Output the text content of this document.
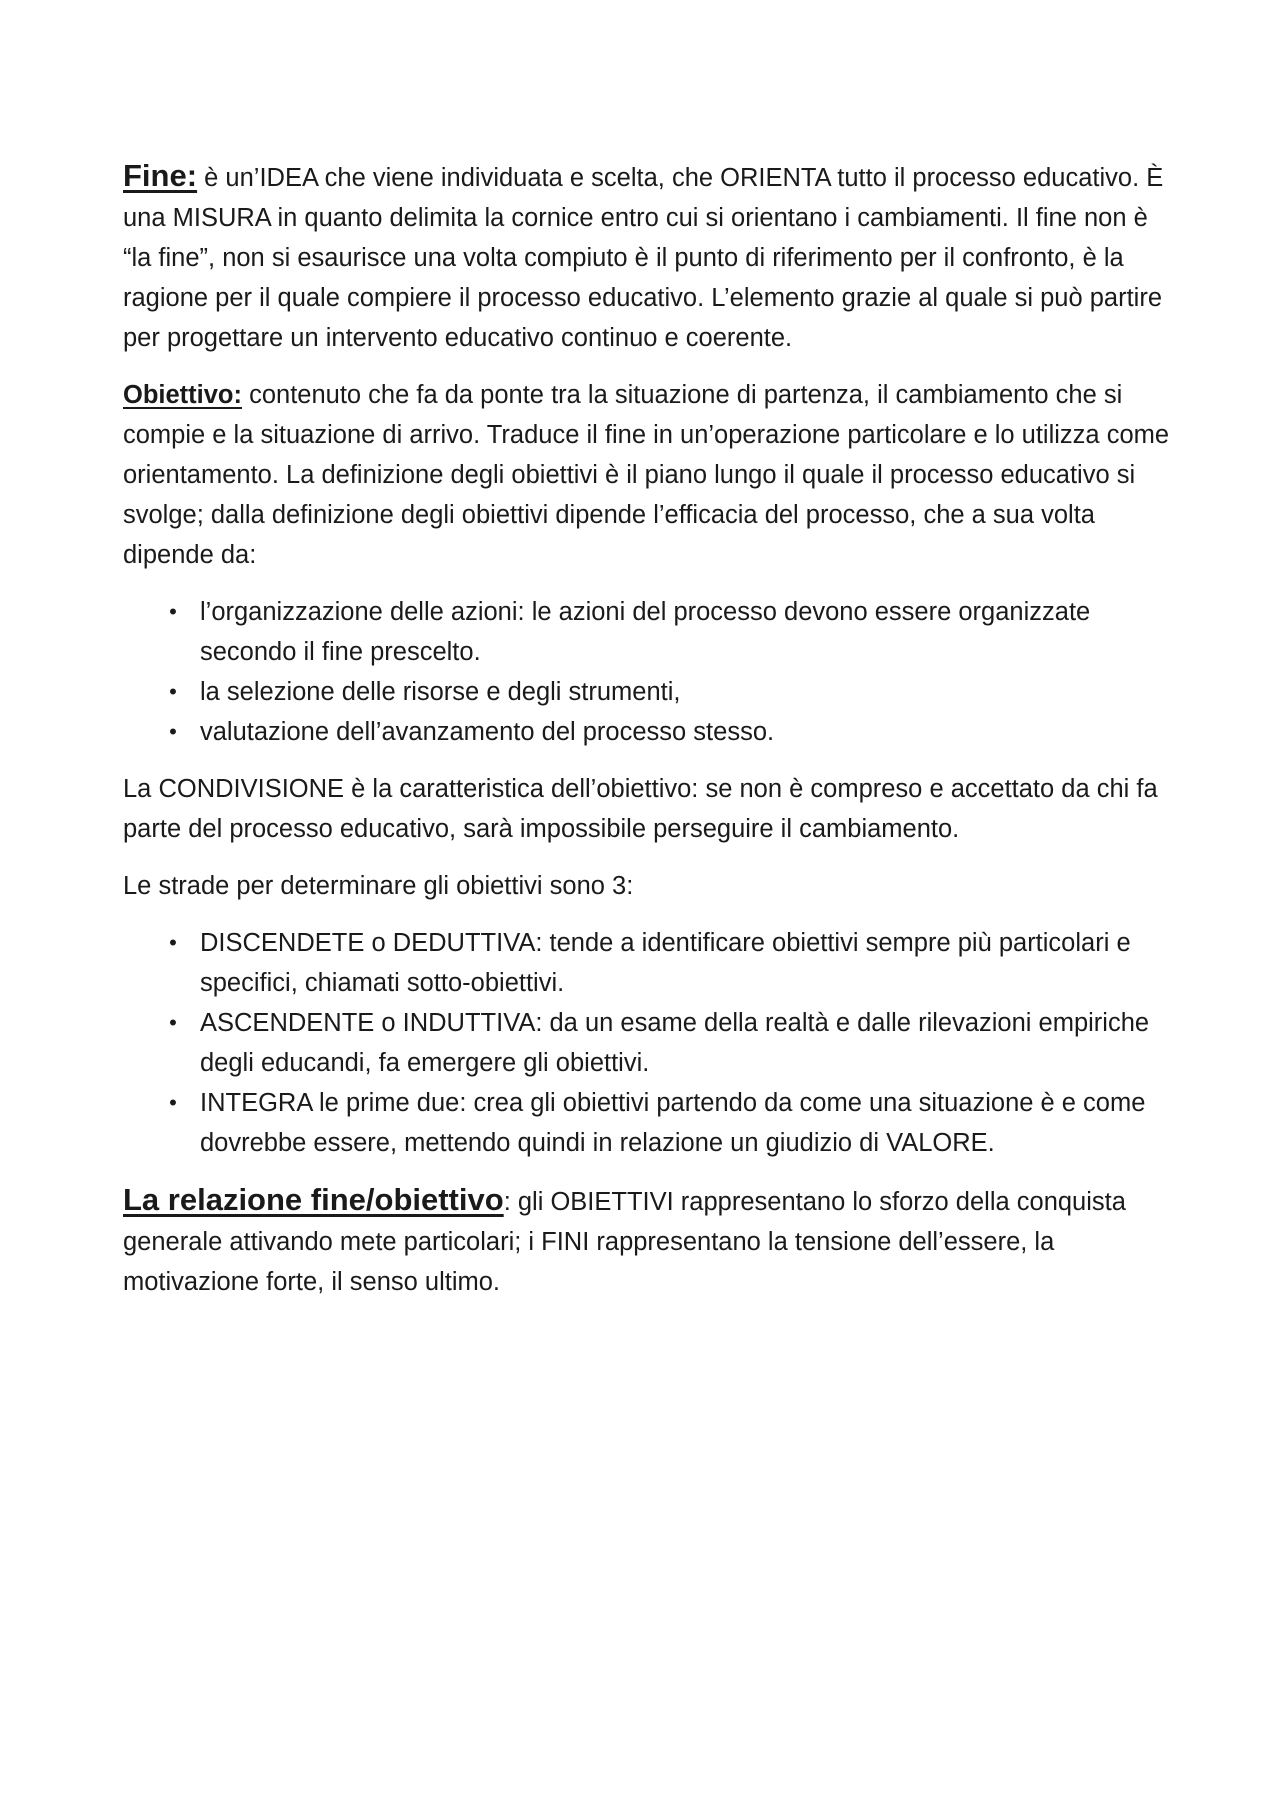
Fine: è un’IDEA che viene individuata e scelta, che ORIENTA tutto il processo educativo. È una MISURA in quanto delimita la cornice entro cui si orientano i cambiamenti. Il fine non è “la fine”, non si esaurisce una volta compiuto è il punto di riferimento per il confronto, è la ragione per il quale compiere il processo educativo. L’elemento grazie al quale si può partire per progettare un intervento educativo continuo e coerente.

Obiettivo: contenuto che fa da ponte tra la situazione di partenza, il cambiamento che si compie e la situazione di arrivo. Traduce il fine in un’operazione particolare e lo utilizza come orientamento. La definizione degli obiettivi è il piano lungo il quale il processo educativo si svolge; dalla definizione degli obiettivi dipende l’efficacia del processo, che a sua volta dipende da:

• l’organizzazione delle azioni: le azioni del processo devono essere organizzate secondo il fine prescelto.
• la selezione delle risorse e degli strumenti,
• valutazione dell’avanzamento del processo stesso.

La CONDIVISIONE è la caratteristica dell’obiettivo: se non è compreso e accettato da chi fa parte del processo educativo, sarà impossibile perseguire il cambiamento.

Le strade per determinare gli obiettivi sono 3:

• DISCENDETE o DEDUTTIVA: tende a identificare obiettivi sempre più particolari e specifici, chiamati sotto-obiettivi.
• ASCENDENTE o INDUTTIVA: da un esame della realtà e dalle rilevazioni empiriche degli educandi, fa emergere gli obiettivi.
• INTEGRA le prime due: crea gli obiettivi partendo da come una situazione è e come dovrebbe essere, mettendo quindi in relazione un giudizio di VALORE.

La relazione fine/obiettivo: gli OBIETTIVI rappresentano lo sforzo della conquista generale attivando mete particolari; i FINI rappresentano la tensione dell’essere, la motivazione forte, il senso ultimo.
